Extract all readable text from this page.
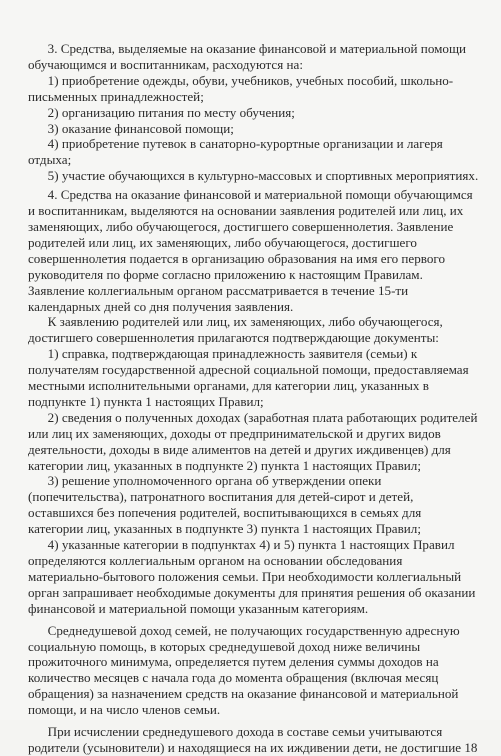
3. Средства, выделяемые на оказание финансовой и материальной помощи
обучающимся и воспитанникам, расходуются на:
1) приобретение одежды, обуви, учебников, учебных пособий, школьно-
письменных принадлежностей;
2) организацию питания по месту обучения;
3) оказание финансовой помощи;
4) приобретение путевок в санаторно-курортные организации и лагеря
отдыха;
5) участие обучающихся в культурно-массовых и спортивных мероприятиях.
4. Средства на оказание финансовой и материальной помощи обучающимся
и воспитанникам, выделяются на основании заявления родителей или лиц, их
заменяющих, либо обучающегося, достигшего совершеннолетия. Заявление
родителей или лиц, их заменяющих, либо обучающегося, достигшего
совершеннолетия подается в организацию образования на имя его первого
руководителя по форме согласно приложению к настоящим Правилам.
Заявление коллегиальным органом рассматривается в течение 15-ти
календарных дней со дня получения заявления.
К заявлению родителей или лиц, их заменяющих, либо обучающегося,
достигшего совершеннолетия прилагаются подтверждающие документы:
1) справка, подтверждающая принадлежность заявителя (семьи) к
получателям государственной адресной социальной помощи, предоставляемая
местными исполнительными органами, для категории лиц, указанных в
подпункте 1) пункта 1 настоящих Правил;
2) сведения о полученных доходах (заработная плата работающих родителей
или лиц их заменяющих, доходы от предпринимательской и других видов
деятельности, доходы в виде алиментов на детей и других иждивенцев) для
категории лиц, указанных в подпункте 2) пункта 1 настоящих Правил;
3) решение уполномоченного органа об утверждении опеки
(попечительства), патронатного воспитания для детей-сирот и детей,
оставшихся без попечения родителей, воспитывающихся в семьях для
категории лиц, указанных в подпункте 3) пункта 1 настоящих Правил;
4) указанные категории в подпунктах 4) и 5) пункта 1 настоящих Правил
определяются коллегиальным органом на основании обследования
материально-бытового положения семьи. При необходимости коллегиальный
орган запрашивает необходимые документы для принятия решения об оказании
финансовой и материальной помощи указанным категориям.
Среднедушевой доход семей, не получающих государственную адресную
социальную помощь, в которых среднедушевой доход ниже величины
прожиточного минимума, определяется путем деления суммы доходов на
количество месяцев с начала года до момента обращения (включая месяц
обращения) за назначением средств на оказание финансовой и материальной
помощи, и на число членов семьи.
При исчислении среднедушевого дохода в составе семьи учитываются
родители (усыновители) и находящиеся на их иждивении дети, не достигшие 18
